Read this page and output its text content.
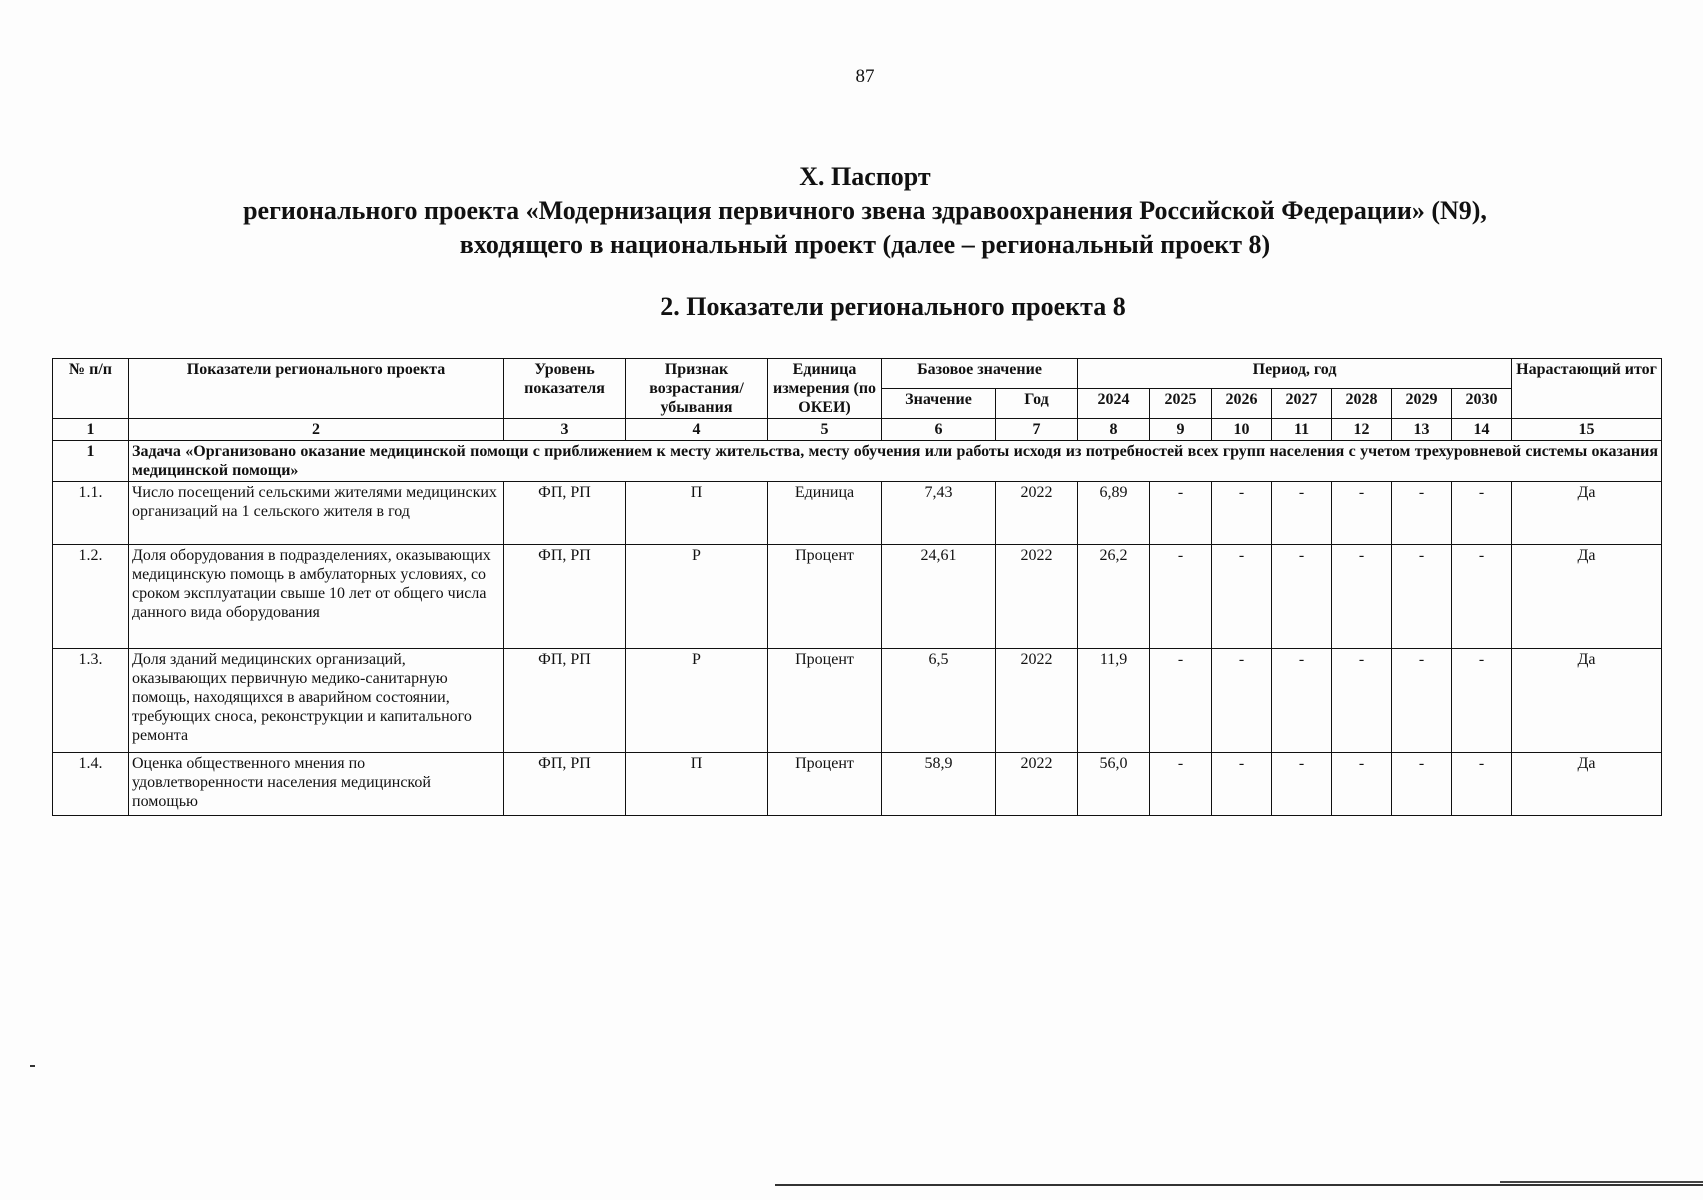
87
X. Паспорт
регионального проекта «Модернизация первичного звена здравоохранения Российской Федерации» (N9),
входящего в национальный проект (далее – региональный проект 8)
2. Показатели регионального проекта 8
№ п/п	Показатели регионального проекта	Уровень показателя	Признак возрастания/ убывания	Единица измерения (по ОКЕИ)	Базовое значение		Период, год							Нарастающий итог
					Значение	Год	2024	2025	2026	2027	2028	2029	2030	
1	2	3	4	5	6	7	8	9	10	11	12	13	14	15
1	Задача «Организовано оказание медицинской помощи с приближением к месту жительства, месту обучения или работы исходя из потребностей всех групп населения с учетом трехуровневой системы оказания медицинской помощи»													
1.1.	Число посещений сельскими жителями медицинских организаций на 1 сельского жителя в год	ФП, РП	П	Единица	7,43	2022	6,89	-	-	-	-	-	-	Да
1.2.	Доля оборудования в подразделениях, оказывающих медицинскую помощь в амбулаторных условиях, со сроком эксплуатации свыше 10 лет от общего числа данного вида оборудования	ФП, РП	Р	Процент	24,61	2022	26,2	-	-	-	-	-	-	Да
1.3.	Доля зданий медицинских организаций, оказывающих первичную медико-санитарную помощь, находящихся в аварийном состоянии, требующих сноса, реконструкции и капитального ремонта	ФП, РП	Р	Процент	6,5	2022	11,9	-	-	-	-	-	-	Да
1.4.	Оценка общественного мнения по удовлетворенности населения медицинской помощью	ФП, РП	П	Процент	58,9	2022	56,0	-	-	-	-	-	-	Да
